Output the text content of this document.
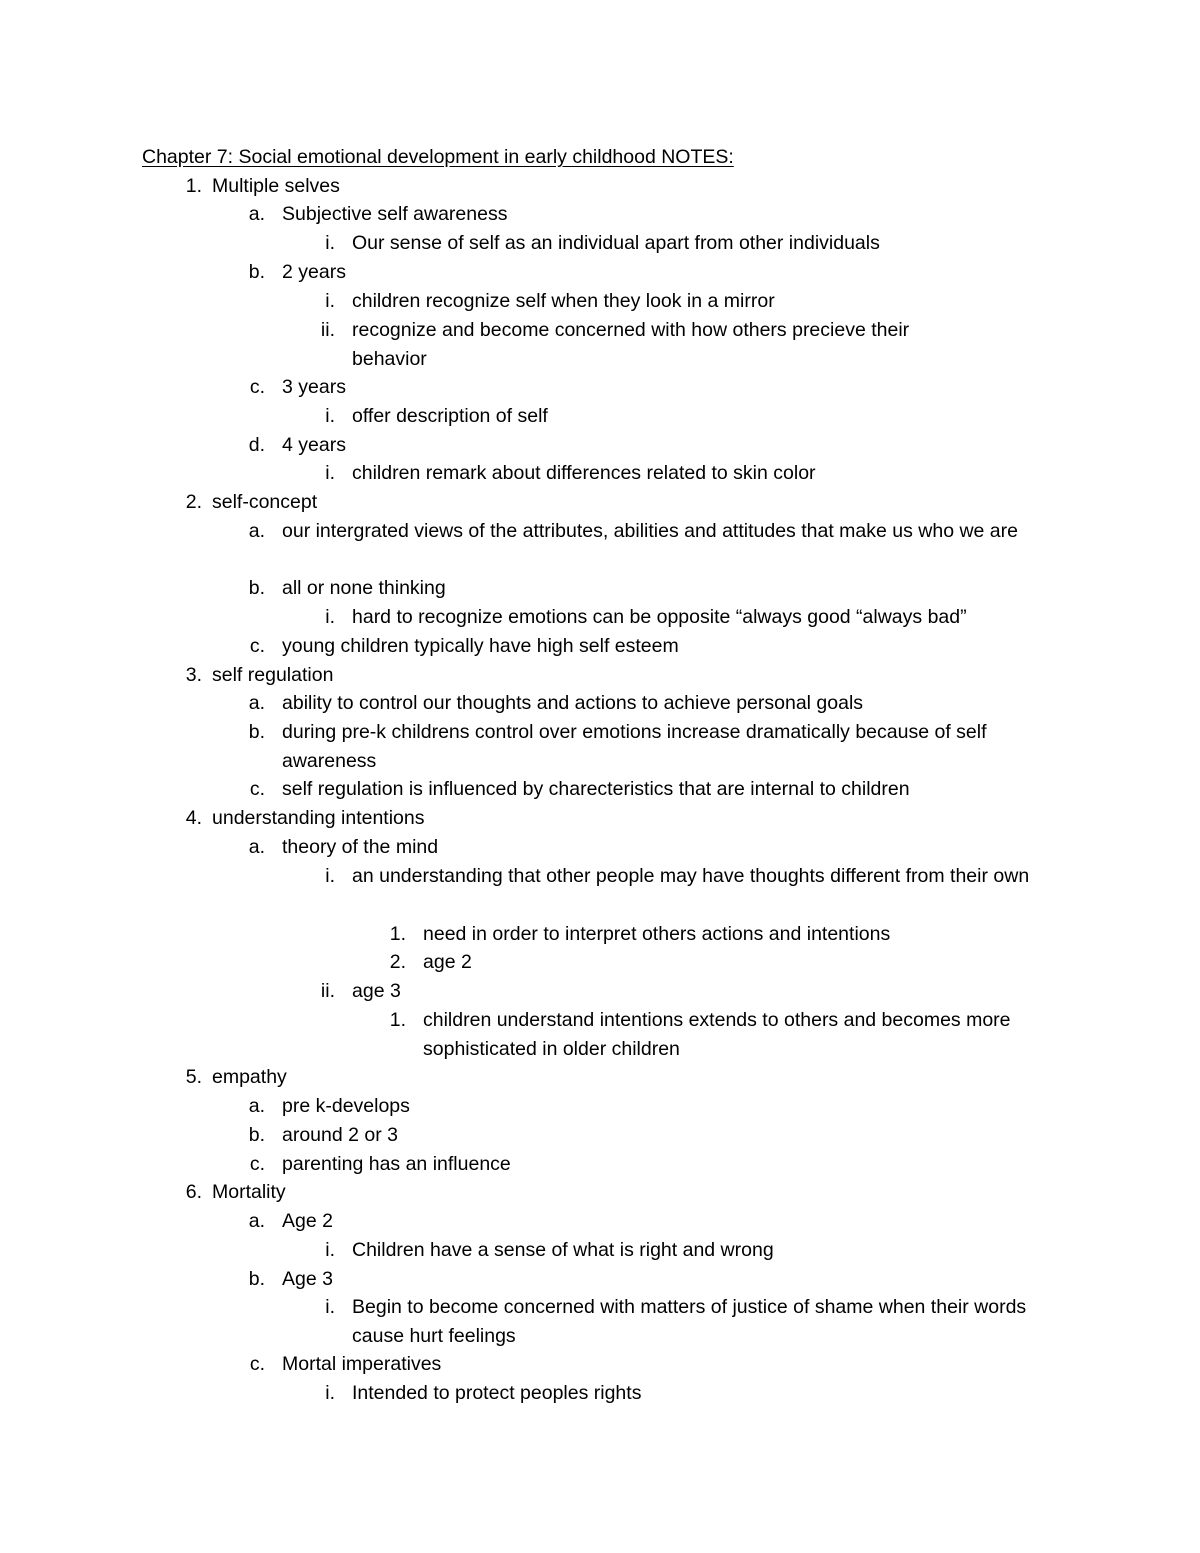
Chapter 7: Social emotional development in early childhood NOTES:
1. Multiple selves
a. Subjective self awareness
i. Our sense of self as an individual apart from other individuals
b. 2 years
i. children recognize self when they look in a mirror
ii. recognize and become concerned with how others precieve their behavior
c. 3 years
i. offer description of self
d. 4 years
i. children remark about differences related to skin color
2. self-concept
a. our intergrated views of the attributes, abilities and attitudes that make us who we are
b. all or none thinking
i. hard to recognize emotions can be opposite “always good “always bad”
c. young children typically have high self esteem
3. self regulation
a. ability to control our thoughts and actions to achieve personal goals
b. during pre-k childrens control over emotions increase dramatically because of self awareness
c. self regulation is influenced by charecteristics that are internal to children
4. understanding intentions
a. theory of the mind
i. an understanding that other people may have thoughts different from their own
1. need in order to interpret others actions and intentions
2. age 2
ii. age 3
1. children understand intentions extends to others and becomes more sophisticated in older children
5. empathy
a. pre k-develops
b. around 2 or 3
c. parenting has an influence
6. Mortality
a. Age 2
i. Children have a sense of what is right and wrong
b. Age 3
i. Begin to become concerned with matters of justice of shame when their words cause hurt feelings
c. Mortal imperatives
i. Intended to protect peoples rights
